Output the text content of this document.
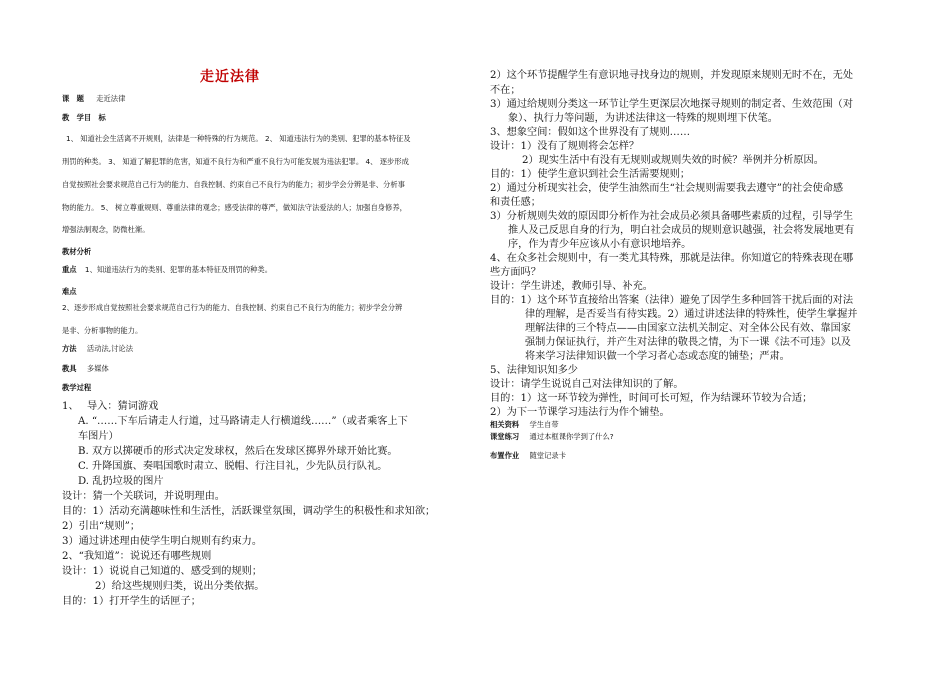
走近法律
课　题 走近法律
教　学目　标
1、 知道社会生活离不开规则，法律是一种特殊的行为规范。 2、 知道违法行为的类别、犯罪的基本特征及
刑罚的种类。 3、 知道了解犯罪的危害，知道不良行为和严重不良行为可能发展为违法犯罪。 4、 逐步形成
自觉按照社会要求规范自己行为的能力、自我控制、约束自己不良行为的能力；初步学会分辨是非、分析事
物的能力。 5、 树立尊重规则、尊重法律的观念；感受法律的尊严，做知法守法爱法的人；加强自身修养，
增强法制观念，防微杜渐。
教材分析
重点 1、知道违法行为的类别、犯罪的基本特征及刑罚的种类。
难点
2、逐步形成自觉按照社会要求规范自己行为的能力、自我控制、约束自己不良行为的能力；初步学会分辨
是非、分析事物的能力。
方法 活动法,讨论法
教具 多媒体
教学过程
1、　 导入：猜词游戏
A. “……下车后请走人行道，过马路请走人行横道线……”（或者乘客上下
车图片）
B. 双方以掷硬币的形式决定发球权，然后在发球区掷界外球开始比赛。
C. 升降国旗、奏唱国歌时肃立、脱帽、行注目礼，少先队员行队礼。
D. 乱扔垃圾的图片
设计：猜一个关联词，并说明理由。
目的：1）活动充满趣味性和生活性，活跃课堂氛围，调动学生的积极性和求知欲；
2）引出“规则”；
3）通过讲述理由使学生明白规则有约束力。
2、“我知道”：说说还有哪些规则
设计：1）说说自己知道的、感受到的规则；
2）给这些规则归类，说出分类依据。
目的：1）打开学生的话匣子；
2）这个环节提醒学生有意识地寻找身边的规则，并发现原来规则无时不在，无处
不在；
3）通过给规则分类这一环节让学生更深层次地探寻规则的制定者、生效范围（对
象）、执行力等问题，为讲述法律这一特殊的规则埋下伏笔。
3、想象空间：假如这个世界没有了规则……
设计：1）没有了规则将会怎样？
2）现实生活中有没有无规则或规则失效的时候？举例并分析原因。
目的：1）使学生意识到社会生活需要规则；
2）通过分析现实社会，使学生油然而生“社会规则需要我去遵守”的社会使命感
和责任感；
3）分析规则失效的原因即分析作为社会成员必须具备哪些素质的过程，引导学生
推人及己反思自身的行为，明白社会成员的规则意识越强，社会将发展地更有
序，作为青少年应该从小有意识地培养。
4、在众多社会规则中，有一类尤其特殊，那就是法律。你知道它的特殊表现在哪
些方面吗？
设计：学生讲述，教师引导、补充。
目的：1）这个环节直接给出答案（法律）避免了因学生多种回答干扰后面的对法
律的理解，是否妥当有待实践。2）通过讲述法律的特殊性，使学生掌握并
理解法律的三个特点——由国家立法机关制定、对全体公民有效、靠国家
强制力保证执行，并产生对法律的敬畏之情，为下一课《法不可违》以及
将来学习法律知识做一个学习者心态或态度的铺垫；严肃。
5、法律知识知多少
设计：请学生说说自己对法律知识的了解。
目的：1）这一环节较为弹性，时间可长可短，作为结课环节较为合适；
2）为下一节课学习违法行为作个铺垫。
相关资料 学生自带
课堂练习 通过本框课你学到了什么?
布置作业 随堂记录卡
